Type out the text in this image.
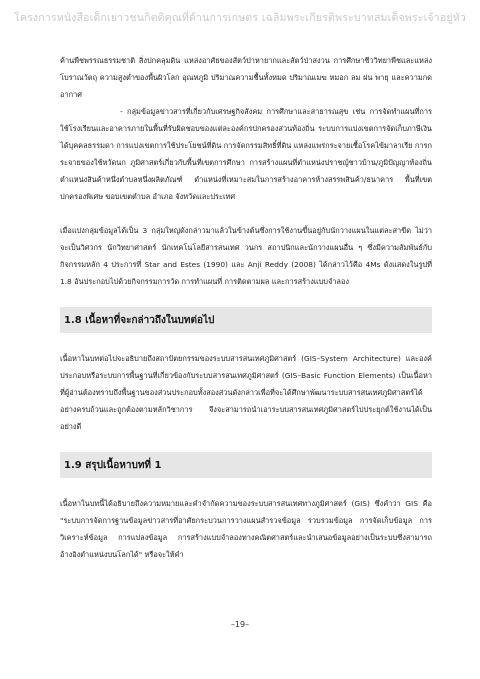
โครงการหนังสือเด็กเยาวชนกิตติคุณที่ด้านการเกษตร เฉลิมพระเกียรติพระบาทสมเด็จพระเจ้าอยู่หัว

ค้านพืชพรรณธรรมชาติ สิ่งปกคลุมดิน แหล่งอาศัยของสัตว์ป่าหายากและสัตว์ป่าสงวน การศึกษาชีววิทยาพืชและแหล่งโบราณวัตถุ ความสูงต่ำของพื้นผิวโลก อุณหภูมิ ปริมาณความชื้นทั้งหมด ปริมาณเมฆ หมอก ลม ฝน พายุ และความกดอากาศ

- กลุ่มข้อมูลข่าวสารที่เกี่ยวกับเศรษฐกิจสังคม การศึกษาและสาธารณสุข เช่น การจัดทำแผนที่การใช้โรงเรียนและอาคารภายในพื้นที่รับผิดชอบของแต่ละองค์กรปกครองส่วนท้องถิ่น ระบบการแบ่งเขตการจัดเก็บภาษีเงินได้บุคคลธรรมดา การแบ่งเขตการใช้ประโยชน์ที่ดิน การจัดกรรมสิทธิ์ที่ดิน แหล่งแพร่กระจายเชื้อโรคไข้มาลาเรีย การกระจายของใช้หวัดนก ภูมิศาสตร์เกี่ยวกับพื้นที่เขตการศึกษา การสร้างแผนที่ตำแหน่งปราชญ์ชาวบ้าน/ภูมิปัญญาท้องถิ่น ตำแหน่งสินค้าหนึ่งตำบลหนึ่งผลิตภัณฑ์ ตำแหน่งที่เหมาะสมในการสร้างอาคารห้างสรรพสินค้า/ธนาคาร พื้นที่เขตปกครองพิเศษ ขอบเขตตำบล อำเภอ จังหวัดและประเทศ

เมื่อแบ่งกลุ่มข้อมูลได้เป็น 3 กลุ่มใหญ่ดังกล่าวมาแล้วในข้างต้นซึ่งการใช้งานขึ้นอยู่กับนักวางแผนในแต่ละสาขีด ไม่ว่าจะเป็นวิศวกร นักวิทยาศาสตร์ นักเทคโนโลยีสารสนเทศ วนกร สถาปนิกและนักวางแผนอื่น ๆ ซึ่งมีความสัมพันธ์กับ กิจกรรมหลัก 4 ประการที่ Star and Estes (1990) และ Anji Reddy (2008) ได้กล่าวไว้คือ 4Ms ดังแสดงในรูปที่ 1.8 อันประกอบไปด้วยกิจกรรมการวัด การทำแผนที่ การติดตามผล และการสร้างแบบจำลอง

1.8 เนื้อหาที่จะกล่าวถึงในบทต่อไป

เนื้อหาในบทต่อไปจะอธิบายถึงสถาปัตยกรรมของระบบสารสนเทศภูมิศาสตร์ (GIS–System Architecture) และองค์ประกอบหรือระบบการพื้นฐานที่เกี่ยวข้องกับระบบสารสนเทศภูมิศาสตร์ (GIS–Basic Function Elements) เป็นเนื้อหาที่ผู้อ่านต้องทราบถึงพื้นฐานของส่วนประกอบทั้งสองส่วนดังกล่าวเพื่อที่จะได้ศึกษาพัฒนาระบบสารสนเทศภูมิศาสตร์ได้อย่างครบถ้วนและถูกต้องตามหลักวิชาการ จึงจะสามารถนำเอาระบบสารสนเทศภูมิศาสตร์ไปประยุกต์ใช้งานได้เป็นอย่างดี

1.9 สรุปเนื้อหาบทที่ 1

เนื้อหาในบทนี้ได้อธิบายถึงความหมายและคำจำกัดความของระบบสารสนเทศทางภูมิศาสตร์ (GIS) ซึ่งคำว่า GIS คือ "ระบบการจัดการฐานข้อมูลข่าวสารที่อาศัยกระบวนการวางแผนสำรวจข้อมูล รวบรวมข้อมูล การจัดเก็บข้อมูล การวิเคราะห์ข้อมูล การแปลงข้อมูล การสร้างแบบจำลองทางคณิตศาสตร์และนำเสนอข้อมูลอย่างเป็นระบบซึ่งสามารถอ้างอิงตำแหน่งบนโลกได้" หรือจะให้คำ

–19–
